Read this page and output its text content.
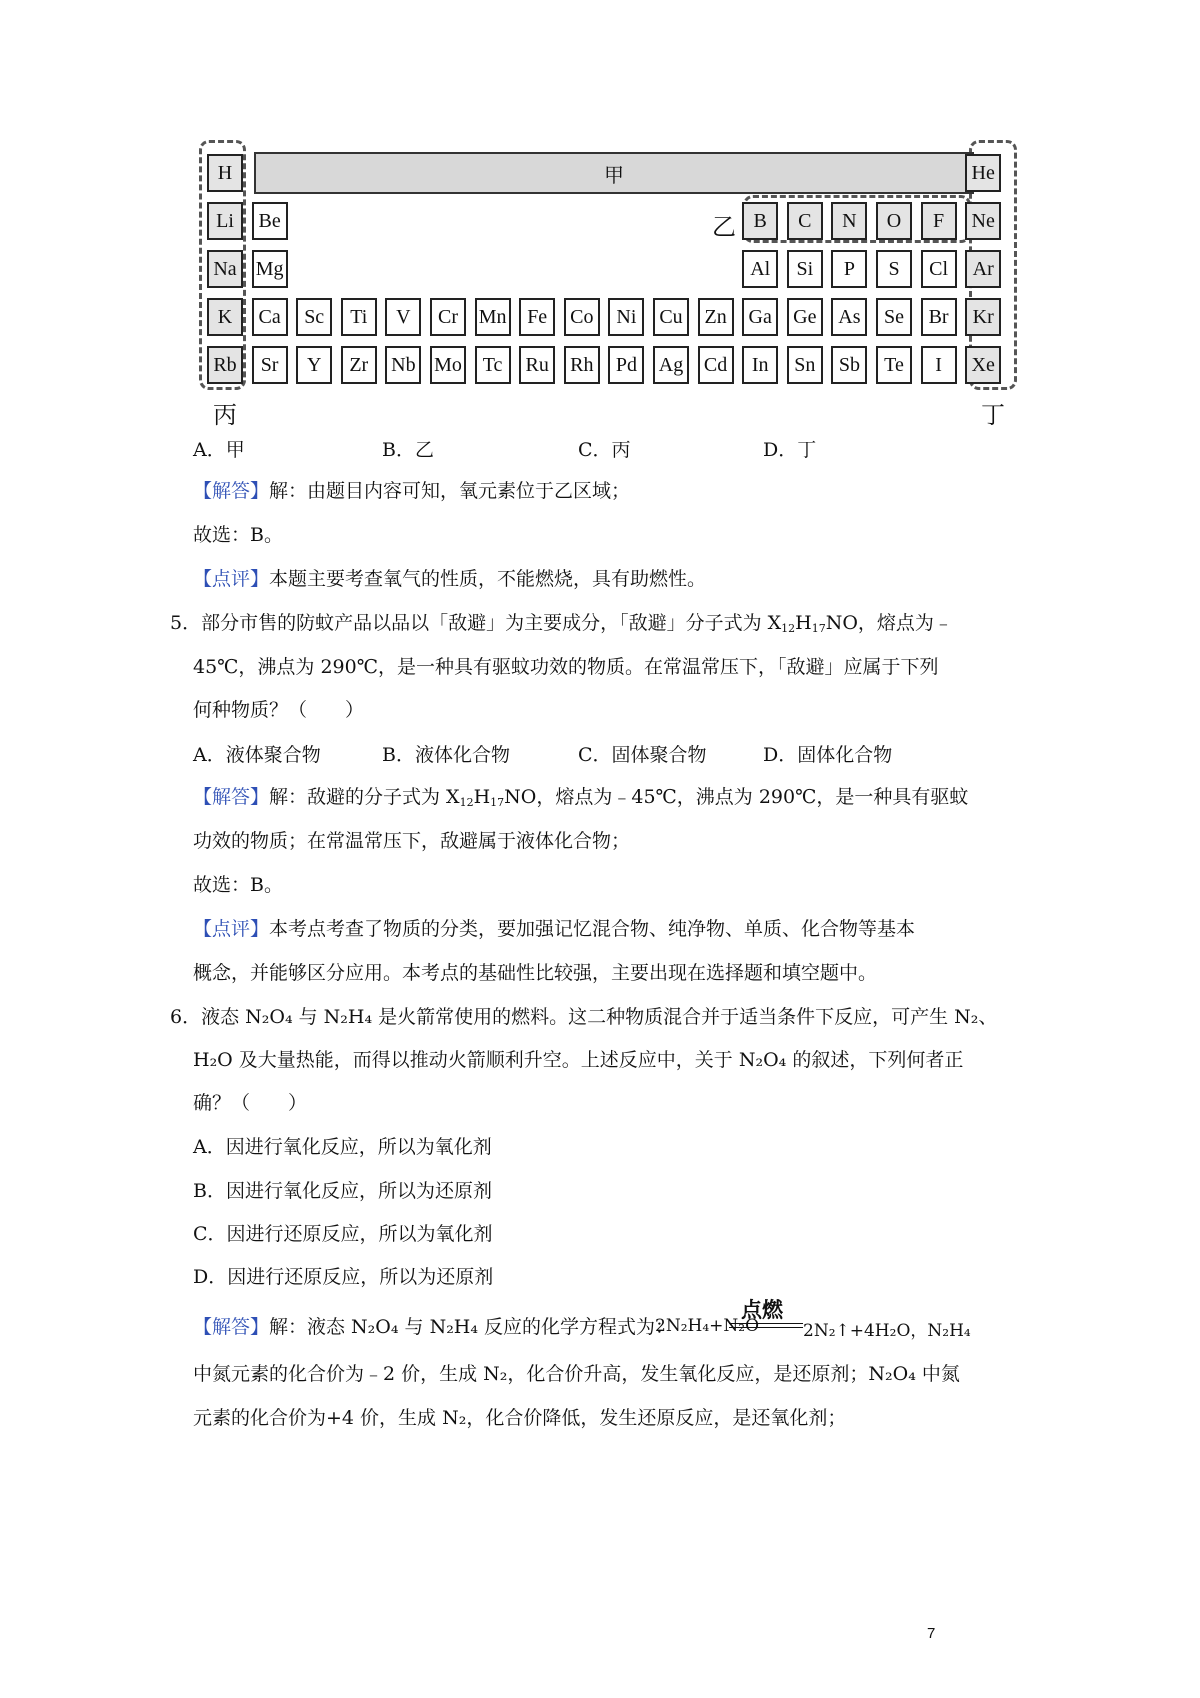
甲
H	He
Li	Be	B	C	N	O	F	Ne
Na Mg	Al	Si	P	S	Cl	Ar
K	Ca	Sc	Ti	V	Cr	Mn	Fe	Co	Ni	Cu	Zn	Ga	Ge	As	Se	Br	Kr
Rb	Sr	Y	Zr	Nb Mo	Tc	Ru	Rh	Pd	Ag	Cd	In	Sn	Sb	Te	I	Xe
乙
丙	丁
A．甲	B．乙	C．丙	D．丁
【解答】解：由题目内容可知，氧元素位于乙区域；
故选：B。
【点评】本题主要考查氧气的性质，不能燃烧，具有助燃性。
5．部分市售的防蚊产品以品以「敌避」为主要成分，「敌避」分子式为 $X_{12}H_{17}NO$，熔点为﹣
45℃，沸点为 290℃，是一种具有驱蚊功效的物质。在常温常压下，「敌避」应属于下列
何种物质？（　　）
A．液体聚合物	B．液体化合物	C．固体聚合物	D．固体化合物
【解答】解：敌避的分子式为 $X_{12}H_{17}NO$，熔点为﹣45℃，沸点为 290℃，是一种具有驱蚊
功效的物质；在常温常压下，敌避属于液体化合物；
故选：B。
【点评】本考点考查了物质的分类，要加强记忆混合物、纯净物、单质、化合物等基本
概念，并能够区分应用。本考点的基础性比较强，主要出现在选择题和填空题中。
6．液态 N₂O₄ 与 N₂H₄ 是火箭常使用的燃料。这二种物质混合并于适当条件下反应，可产生 N₂、
H₂O 及大量热能，而得以推动火箭顺利升空。上述反应中，关于 N₂O₄ 的叙述，下列何者正
确？（　　）
A．因进行氧化反应，所以为氧化剂
B．因进行氧化反应，所以为还原剂
C．因进行还原反应，所以为氧化剂
D．因进行还原反应，所以为还原剂
【解答】解：液态 N₂O₄ 与 N₂H₄ 反应的化学方程式为：
2N₂H₄+N₂O
点燃
2N₂↑+4H₂O，N₂H₄
中氮元素的化合价为﹣2 价，生成 N₂，化合价升高，发生氧化反应，是还原剂；N₂O₄ 中氮
元素的化合价为+4 价，生成 N₂，化合价降低，发生还原反应，是还氧化剂；
7
